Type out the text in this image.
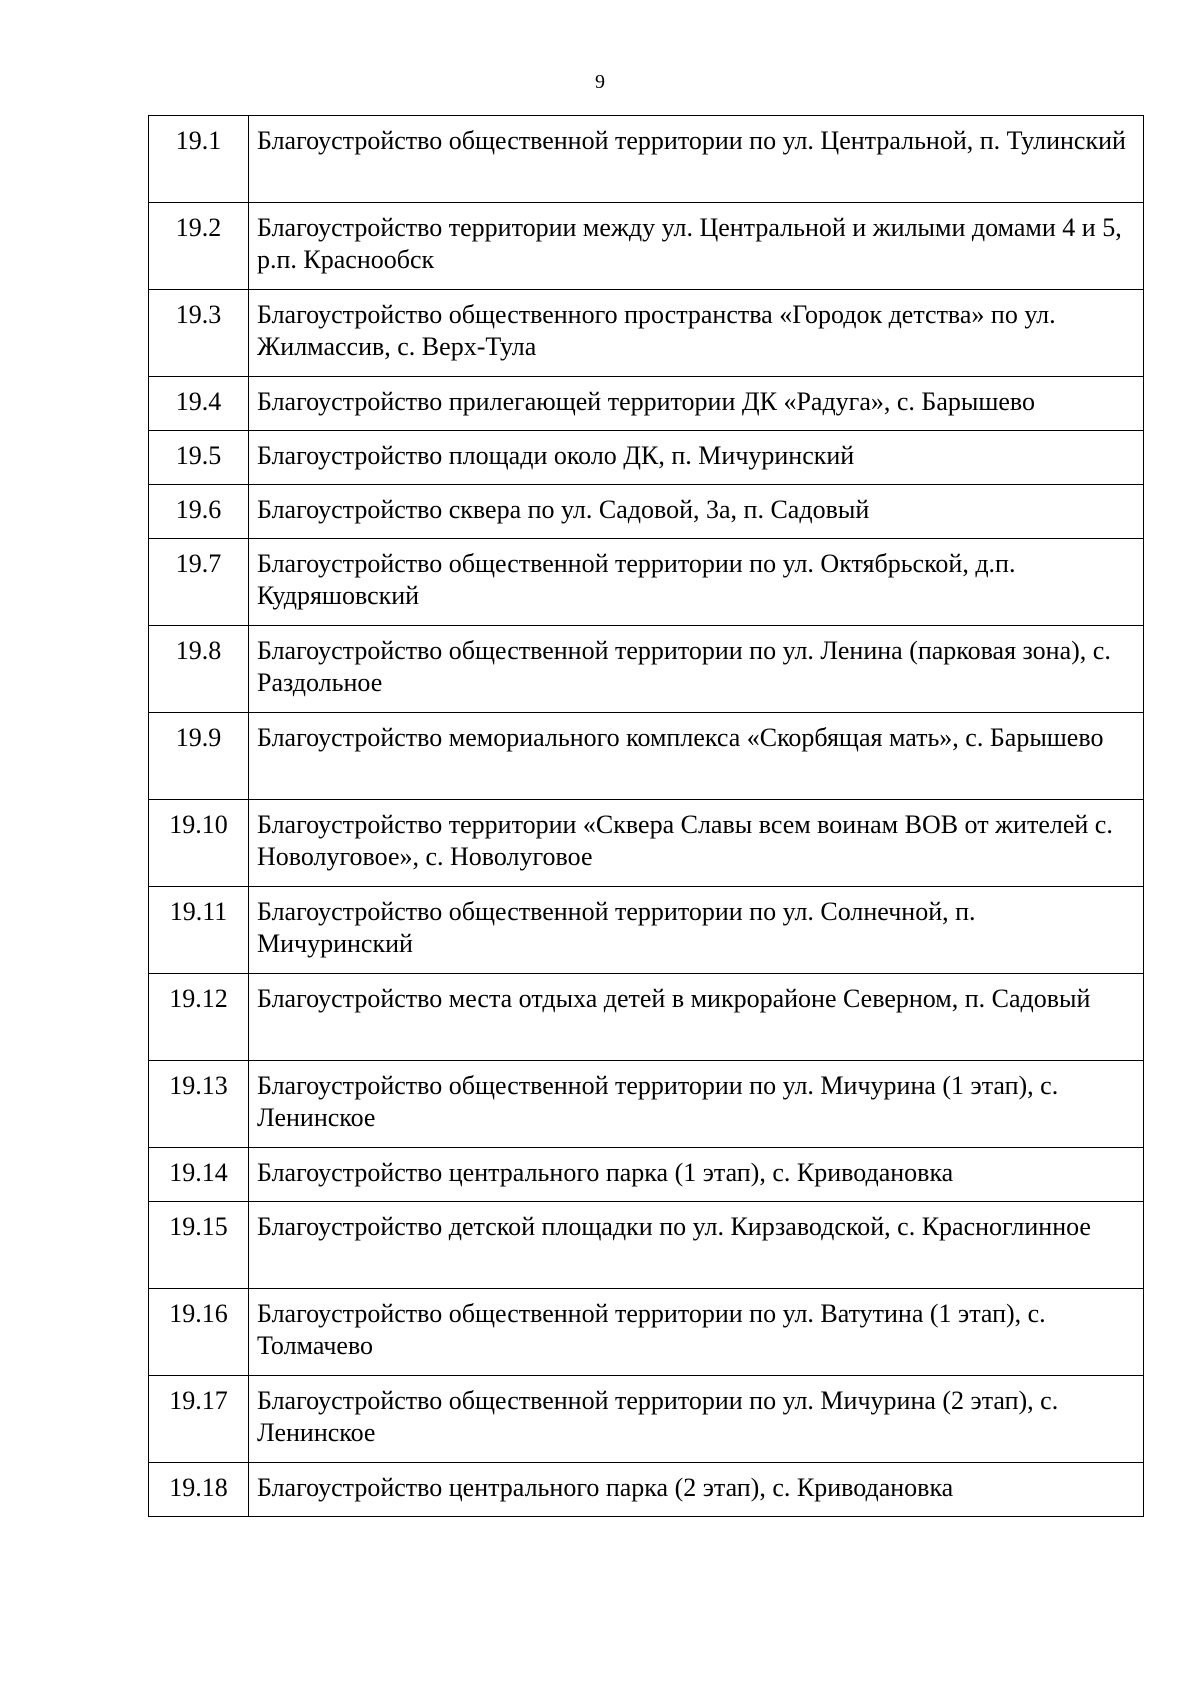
9
19.1	Благоустройство общественной территории по ул. Центральной, п. Тулинский
19.2	Благоустройство территории между ул. Центральной и жилыми домами 4 и 5, р.п. Краснообск
19.3	Благоустройство общественного пространства «Городок детства» по ул. Жилмассив, с. Верх-Тула
19.4	Благоустройство прилегающей территории ДК «Радуга», с. Барышево
19.5	Благоустройство площади около ДК, п. Мичуринский
19.6	Благоустройство сквера по ул. Садовой, 3а, п. Садовый
19.7	Благоустройство общественной территории по ул. Октябрьской, д.п. Кудряшовский
19.8	Благоустройство общественной территории по ул. Ленина (парковая зона), с. Раздольное
19.9	Благоустройство мемориального комплекса «Скорбящая мать», с. Барышево
19.10	Благоустройство территории «Сквера Славы всем воинам ВОВ от жителей с. Новолуговое», с. Новолуговое
19.11	Благоустройство общественной территории по ул. Солнечной, п. Мичуринский
19.12	Благоустройство места отдыха детей в микрорайоне Северном, п. Садовый
19.13	Благоустройство общественной территории по ул. Мичурина (1 этап), с. Ленинское
19.14	Благоустройство центрального парка (1 этап), с. Криводановка
19.15	Благоустройство детской площадки по ул. Кирзаводской, с. Красноглинное
19.16	Благоустройство общественной территории по ул. Ватутина (1 этап), с. Толмачево
19.17	Благоустройство общественной территории по ул. Мичурина (2 этап), с. Ленинское
19.18	Благоустройство центрального парка (2 этап), с. Криводановка
